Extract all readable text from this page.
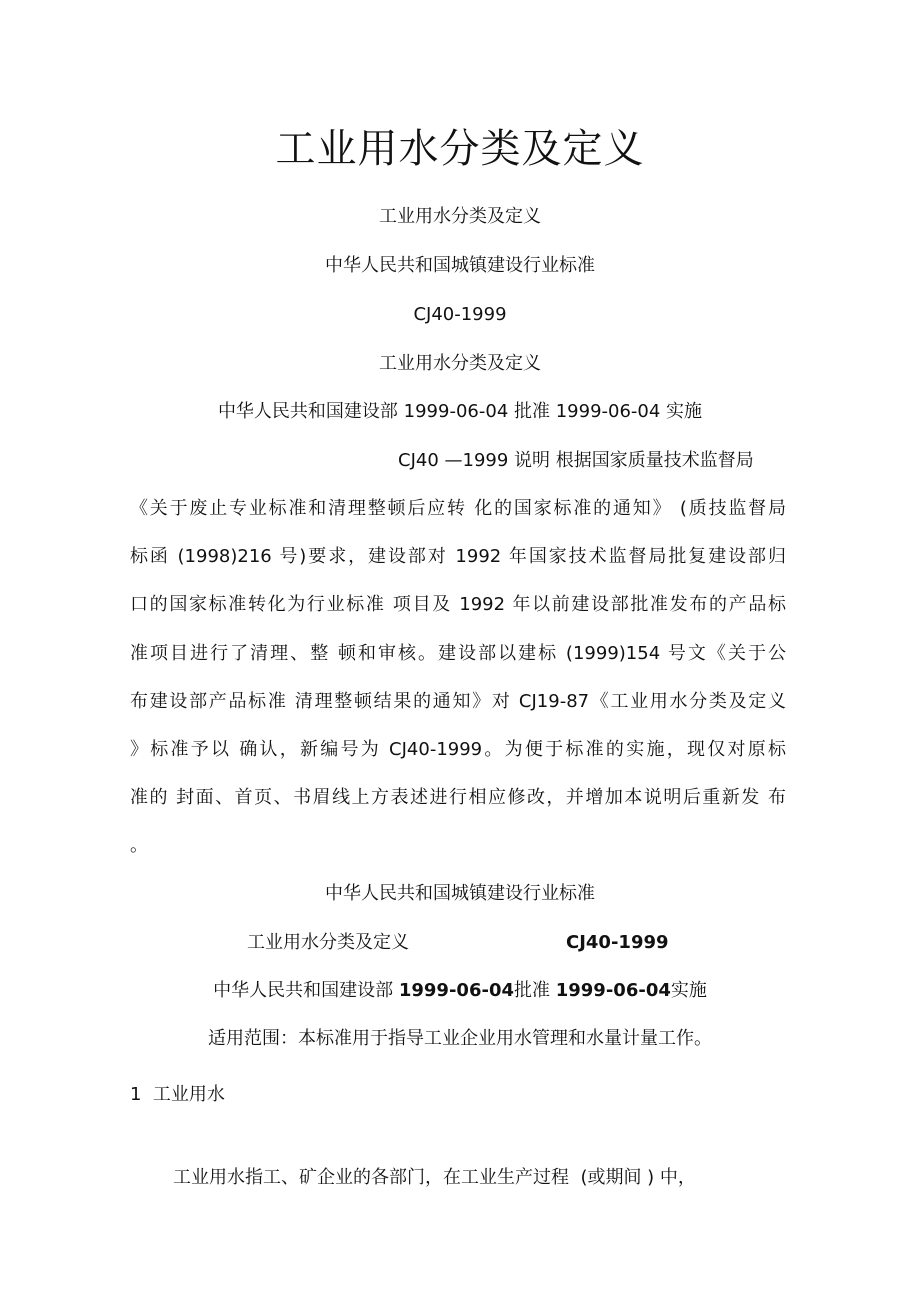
工业用水分类及定义
工业用水分类及定义
中华人民共和国城镇建设行业标准
CJ40-1999
工业用水分类及定义
中华人民共和国建设部 1999-06-04 批准 1999-06-04 实施
CJ40 —1999 说明 根据国家质量技术监督局
《关于废止专业标准和清理整顿后应转 化的国家标准的通知》 (质技监督局
标函 (1998)216 号)要求，建设部对 1992 年国家技术监督局批复建设部归
口的国家标准转化为行业标准 项目及 1992 年以前建设部批准发布的产品标
准项目进行了清理、整 顿和审核。建设部以建标 (1999)154 号文《关于公
布建设部产品标准 清理整顿结果的通知》对 CJ19-87《工业用水分类及定义
》标准予以 确认，新编号为 CJ40-1999。为便于标准的实施，现仅对原标
准的 封面、首页、书眉线上方表述进行相应修改，并增加本说明后重新发 布
。
中华人民共和国城镇建设行业标准
工业用水分类及定义	CJ40-1999
中华人民共和国建设部 1999-06-04批准 1999-06-04实施
适用范围：本标准用于指导工业企业用水管理和水量计量工作。
1  工业用水
工业用水指工、矿企业的各部门，在工业生产过程  (或期间 ) 中，
